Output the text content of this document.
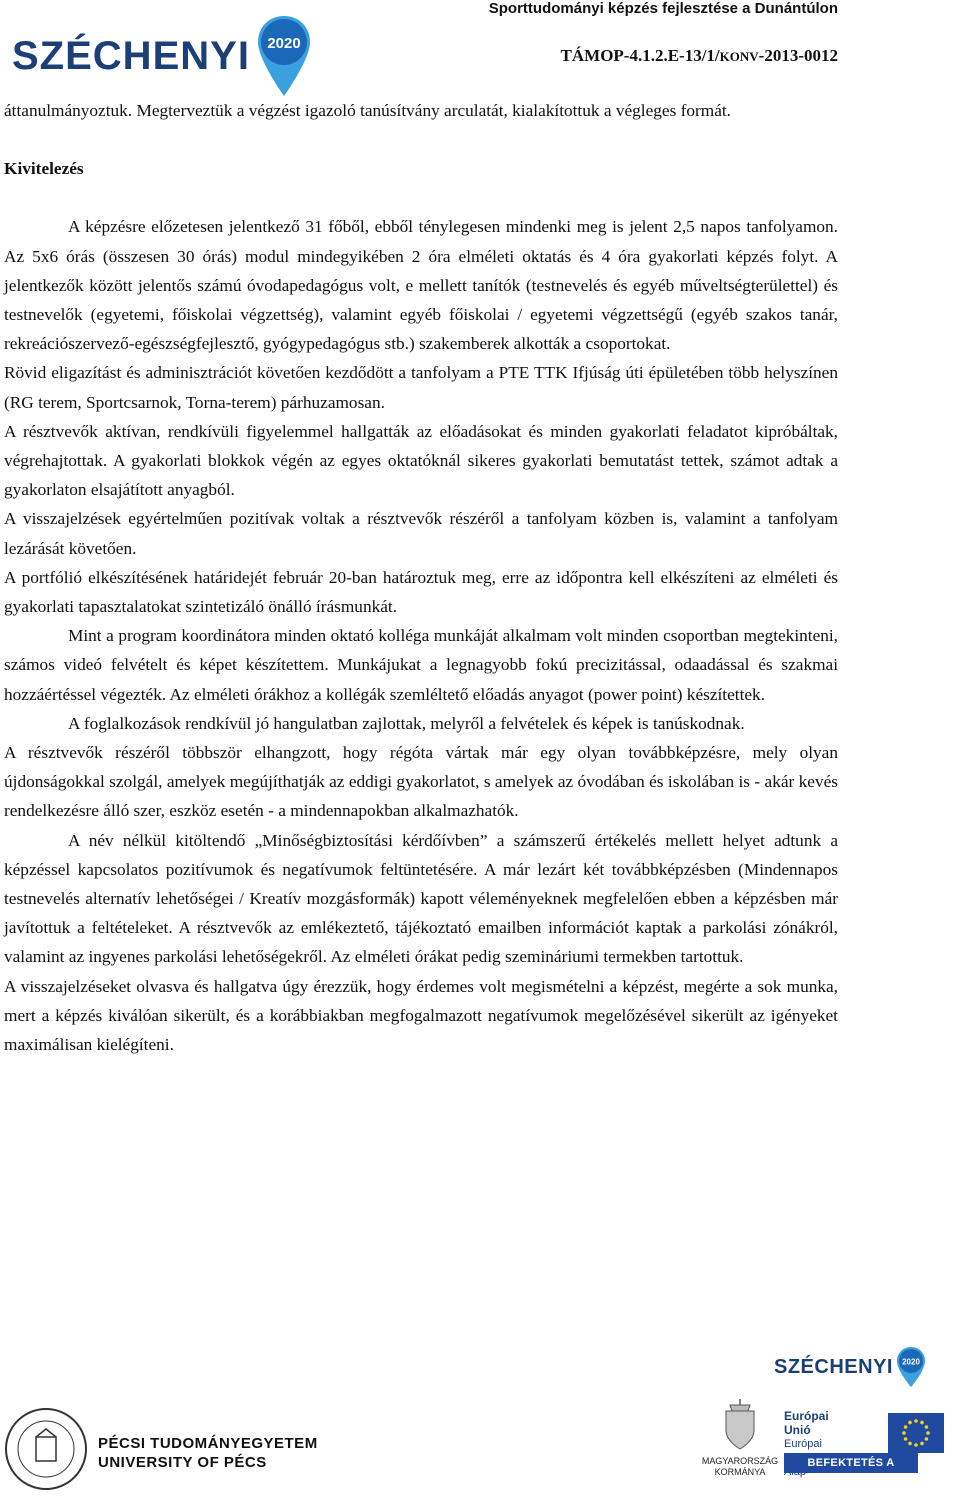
SZÉCHENYI 2020
Sporttudományi képzés fejlesztése a Dunántúlon
TÁMOP-4.1.2.E-13/1/KONV-2013-0012

áttanulmányoztuk. Megterveztük a végzést igazoló tanúsítvány arculatát, kialakítottuk a végleges formát.

Kivitelezés

A képzésre előzetesen jelentkező 31 főből, ebből ténylegesen mindenki meg is jelent 2,5 napos tanfolyamon. Az 5x6 órás (összesen 30 órás) modul mindegyikében 2 óra elméleti oktatás és 4 óra gyakorlati képzés folyt. A jelentkezők között jelentős számú óvodapedagógus volt, e mellett tanítók (testnevelés és egyéb műveltségterülettel) és testnevelők (egyetemi, főiskolai végzettség), valamint egyéb főiskolai / egyetemi végzettségű (egyéb szakos tanár, rekreációszervező-egészségfejlesztő, gyógypedagógus stb.) szakemberek alkották a csoportokat.

Rövid eligazítást és adminisztrációt követően kezdődött a tanfolyam a PTE TTK Ifjúság úti épületében több helyszínen (RG terem, Sportcsarnok, Torna-terem) párhuzamosan.

A résztvevők aktívan, rendkívüli figyelemmel hallgatták az előadásokat és minden gyakorlati feladatot kipróbáltak, végrehajtottak. A gyakorlati blokkok végén az egyes oktatóknál sikeres gyakorlati bemutatást tettek, számot adtak a gyakorlaton elsajátított anyagból.

A visszajelzések egyértelműen pozitívak voltak a résztvevők részéről a tanfolyam közben is, valamint a tanfolyam lezárását követően.

A portfólió elkészítésének határidejét február 20-ban határoztuk meg, erre az időpontra kell elkészíteni az elméleti és gyakorlati tapasztalatokat szintetizáló önálló írásmunkát.

Mint a program koordinátora minden oktató kolléga munkáját alkalmam volt minden csoportban megtekinteni, számos videó felvételt és képet készítettem. Munkájukat a legnagyobb fokú precizitással, odaadással és szakmai hozzáértéssel végezték. Az elméleti órákhoz a kollégák szemléltető előadás anyagot (power point) készítettek.

A foglalkozások rendkívül jó hangulatban zajlottak, melyről a felvételek és képek is tanúskodnak.

A résztvevők részéről többször elhangzott, hogy régóta vártak már egy olyan továbbképzésre, mely olyan újdonságokkal szolgál, amelyek megújíthatják az eddigi gyakorlatot, s amelyek az óvodában és iskolában is - akár kevés rendelkezésre álló szer, eszköz esetén - a mindennapokban alkalmazhatók.

A név nélkül kitöltendő „Minőségbiztosítási kérdőívben” a számszerű értékelés mellett helyet adtunk a képzéssel kapcsolatos pozitívumok és negatívumok feltüntetésére. A már lezárt két továbbképzésben (Mindennapos testnevelés alternatív lehetőségei / Kreatív mozgásformák) kapott véleményeknek megfelelően ebben a képzésben már javítottuk a feltételeket. A résztvevők az emlékeztető, tájékoztató emailben információt kaptak a parkolási zónákról, valamint az ingyenes parkolási lehetőségekről. Az elméleti órákat pedig szemináriumi termekben tartottuk.

A visszajelzéseket olvasva és hallgatva úgy érezzük, hogy érdemes volt megismételni a képzést, megérte a sok munka, mert a képzés kiválóan sikerült, és a korábbiakban megfogalmazott negatívumok megelőzésével sikerült az igényeket maximálisan kielégíteni.

SZÉCHENYI 2020
PÉCSI TUDOMÁNYEGYETEM
UNIVERSITY OF PÉCS	MAGYARORSZÁG
KORMÁNYA
Európai Unió
Európai

BEFEKTETÉS A JÖVŐBE
